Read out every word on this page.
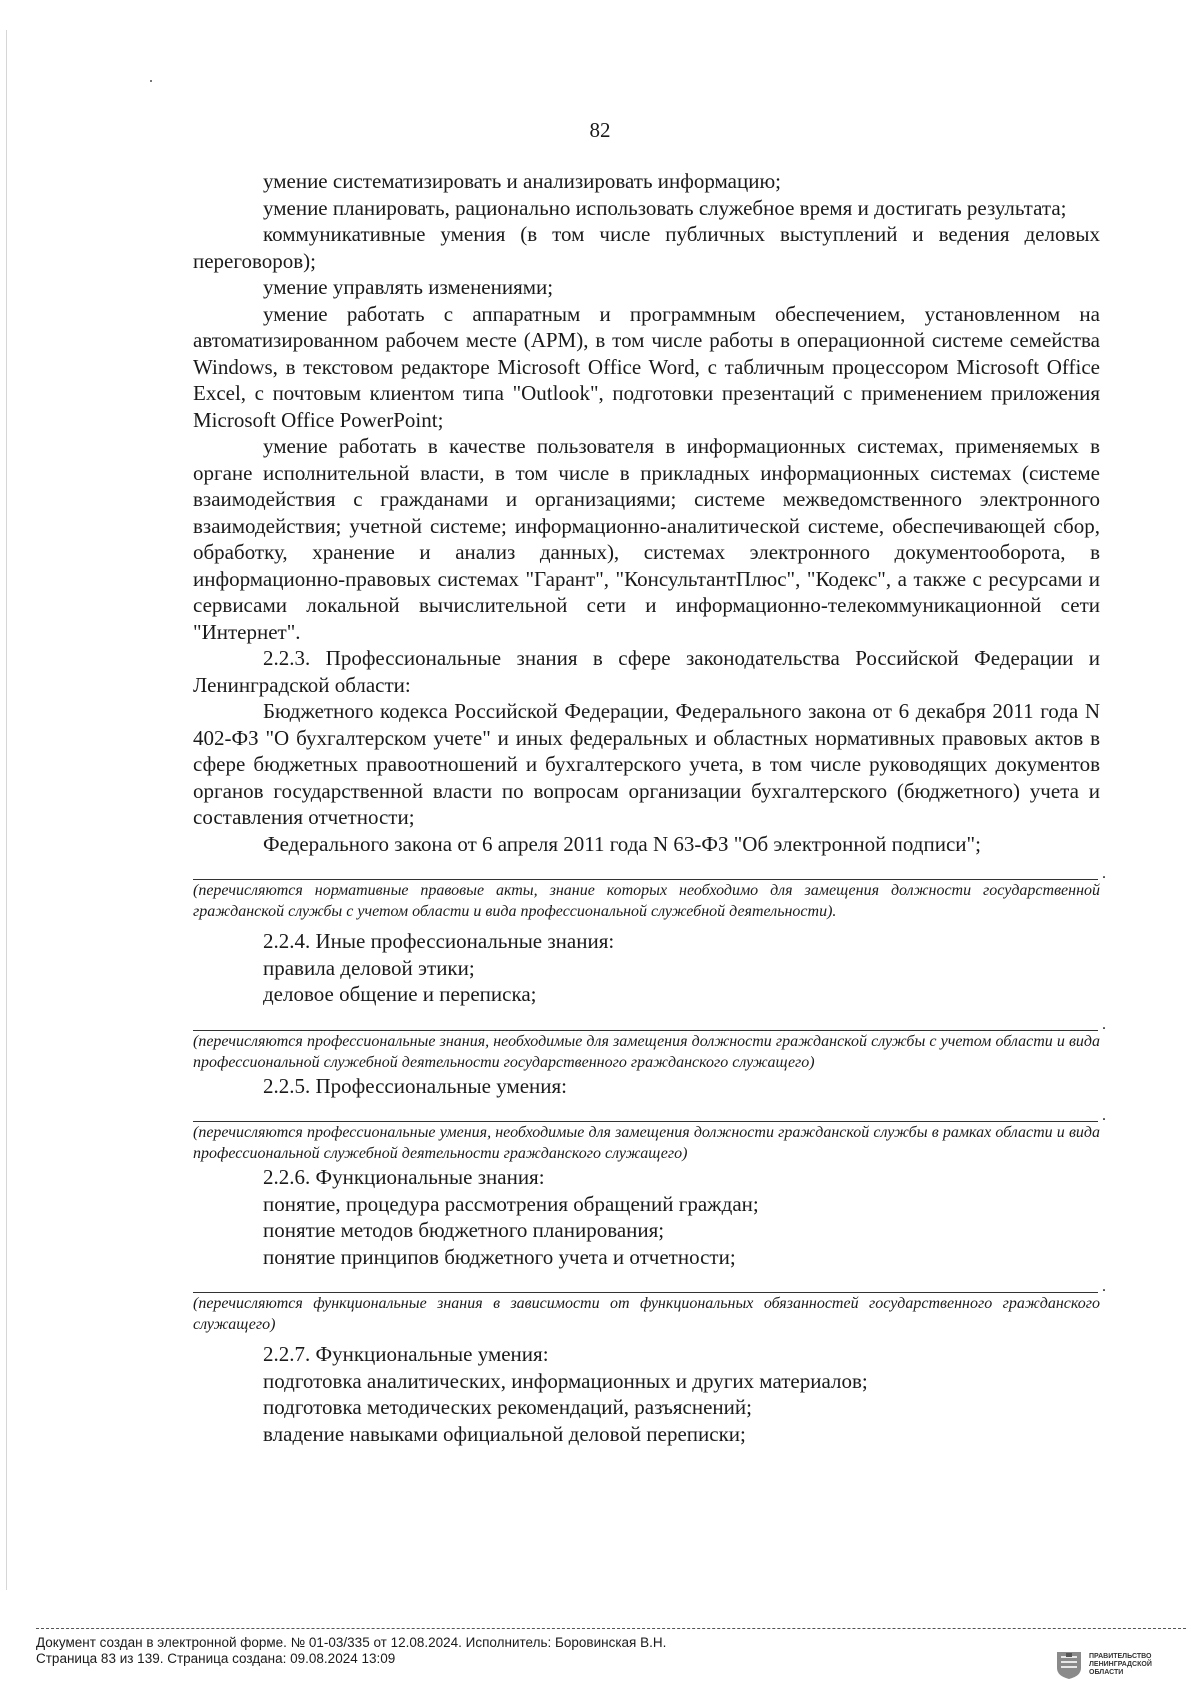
82

умение систематизировать и анализировать информацию;

умение планировать, рационально использовать служебное время и достигать результата;

коммуникативные умения (в том числе публичных выступлений и ведения деловых переговоров);

умение управлять изменениями;

умение работать с аппаратным и программным обеспечением, установленном на автоматизированном рабочем месте (АРМ), в том числе работы в операционной системе семейства Windows, в текстовом редакторе Microsoft Office Word, с табличным процессором Microsoft Office Excel, с почтовым клиентом типа "Outlook", подготовки презентаций с применением приложения Microsoft Office PowerPoint;

умение работать в качестве пользователя в информационных системах, применяемых в органе исполнительной власти, в том числе в прикладных информационных системах (системе взаимодействия с гражданами и организациями; системе межведомственного электронного взаимодействия; учетной системе; информационно-аналитической системе, обеспечивающей сбор, обработку, хранение и анализ данных), системах электронного документооборота, в информационно-правовых системах "Гарант", "КонсультантПлюс", "Кодекс", а также с ресурсами и сервисами локальной вычислительной сети и информационно-телекоммуникационной сети "Интернет".

2.2.3. Профессиональные знания в сфере законодательства Российской Федерации и Ленинградской области:

Бюджетного кодекса Российской Федерации, Федерального закона от 6 декабря 2011 года N 402-ФЗ "О бухгалтерском учете" и иных федеральных и областных нормативных правовых актов в сфере бюджетных правоотношений и бухгалтерского учета, в том числе руководящих документов органов государственной власти по вопросам организации бухгалтерского (бюджетного) учета и составления отчетности;

Федерального закона от 6 апреля 2011 года N 63-ФЗ "Об электронной подписи";

.

(перечисляются нормативные правовые акты, знание которых необходимо для замещения должности государственной гражданской службы с учетом области и вида профессиональной служебной деятельности).

2.2.4. Иные профессиональные знания:

правила деловой этики;

деловое общение и переписка;

.

(перечисляются профессиональные знания, необходимые для замещения должности гражданской службы с учетом области и вида профессиональной служебной деятельности государственного гражданского служащего)

2.2.5. Профессиональные умения:

.

(перечисляются профессиональные умения, необходимые для замещения должности гражданской службы в рамках области и вида профессиональной служебной деятельности гражданского служащего)

2.2.6. Функциональные знания:

понятие, процедура рассмотрения обращений граждан;

понятие методов бюджетного планирования;

понятие принципов бюджетного учета и отчетности;

.

(перечисляются функциональные знания в зависимости от функциональных обязанностей государственного гражданского служащего)

2.2.7. Функциональные умения:

подготовка аналитических, информационных и других материалов;

подготовка методических рекомендаций, разъяснений;

владение навыками официальной деловой переписки;

Документ создан в электронной форме. № 01-03/335 от 12.08.2024. Исполнитель: Боровинская В.Н.
Страница 83 из 139. Страница создана: 09.08.2024 13:09	ПРАВИТЕЛЬСТВО
ЛЕНИНГРАДСКОЙ
ОБЛАСТИ
